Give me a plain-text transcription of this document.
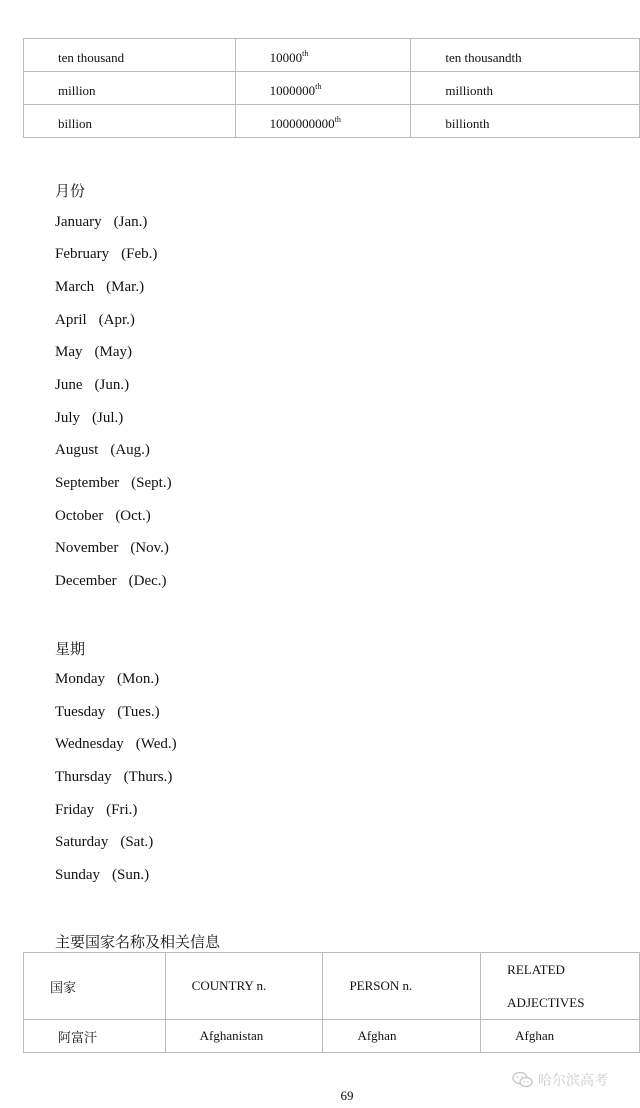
ten thousand	10000th	ten thousandth

million	1000000th	millionth

billion	1000000000th	billionth
月份
January (Jan.)
February (Feb.)
March (Mar.)
April (Apr.)
May (May)
June (Jun.)
July (Jul.)
August (Aug.)
September (Sept.)
October (Oct.)
November (Nov.)
December (Dec.)
星期
Monday (Mon.)
Tuesday (Tues.)
Wednesday (Wed.)
Thursday (Thurs.)
Friday (Fri.)
Saturday (Sat.)
Sunday (Sun.)
主要国家名称及相关信息
国家	COUNTRY n.	PERSON n.	RELATED
ADJECTIVES

阿富汗	Afghanistan	Afghan	Afghan
69
哈尔滨高考
